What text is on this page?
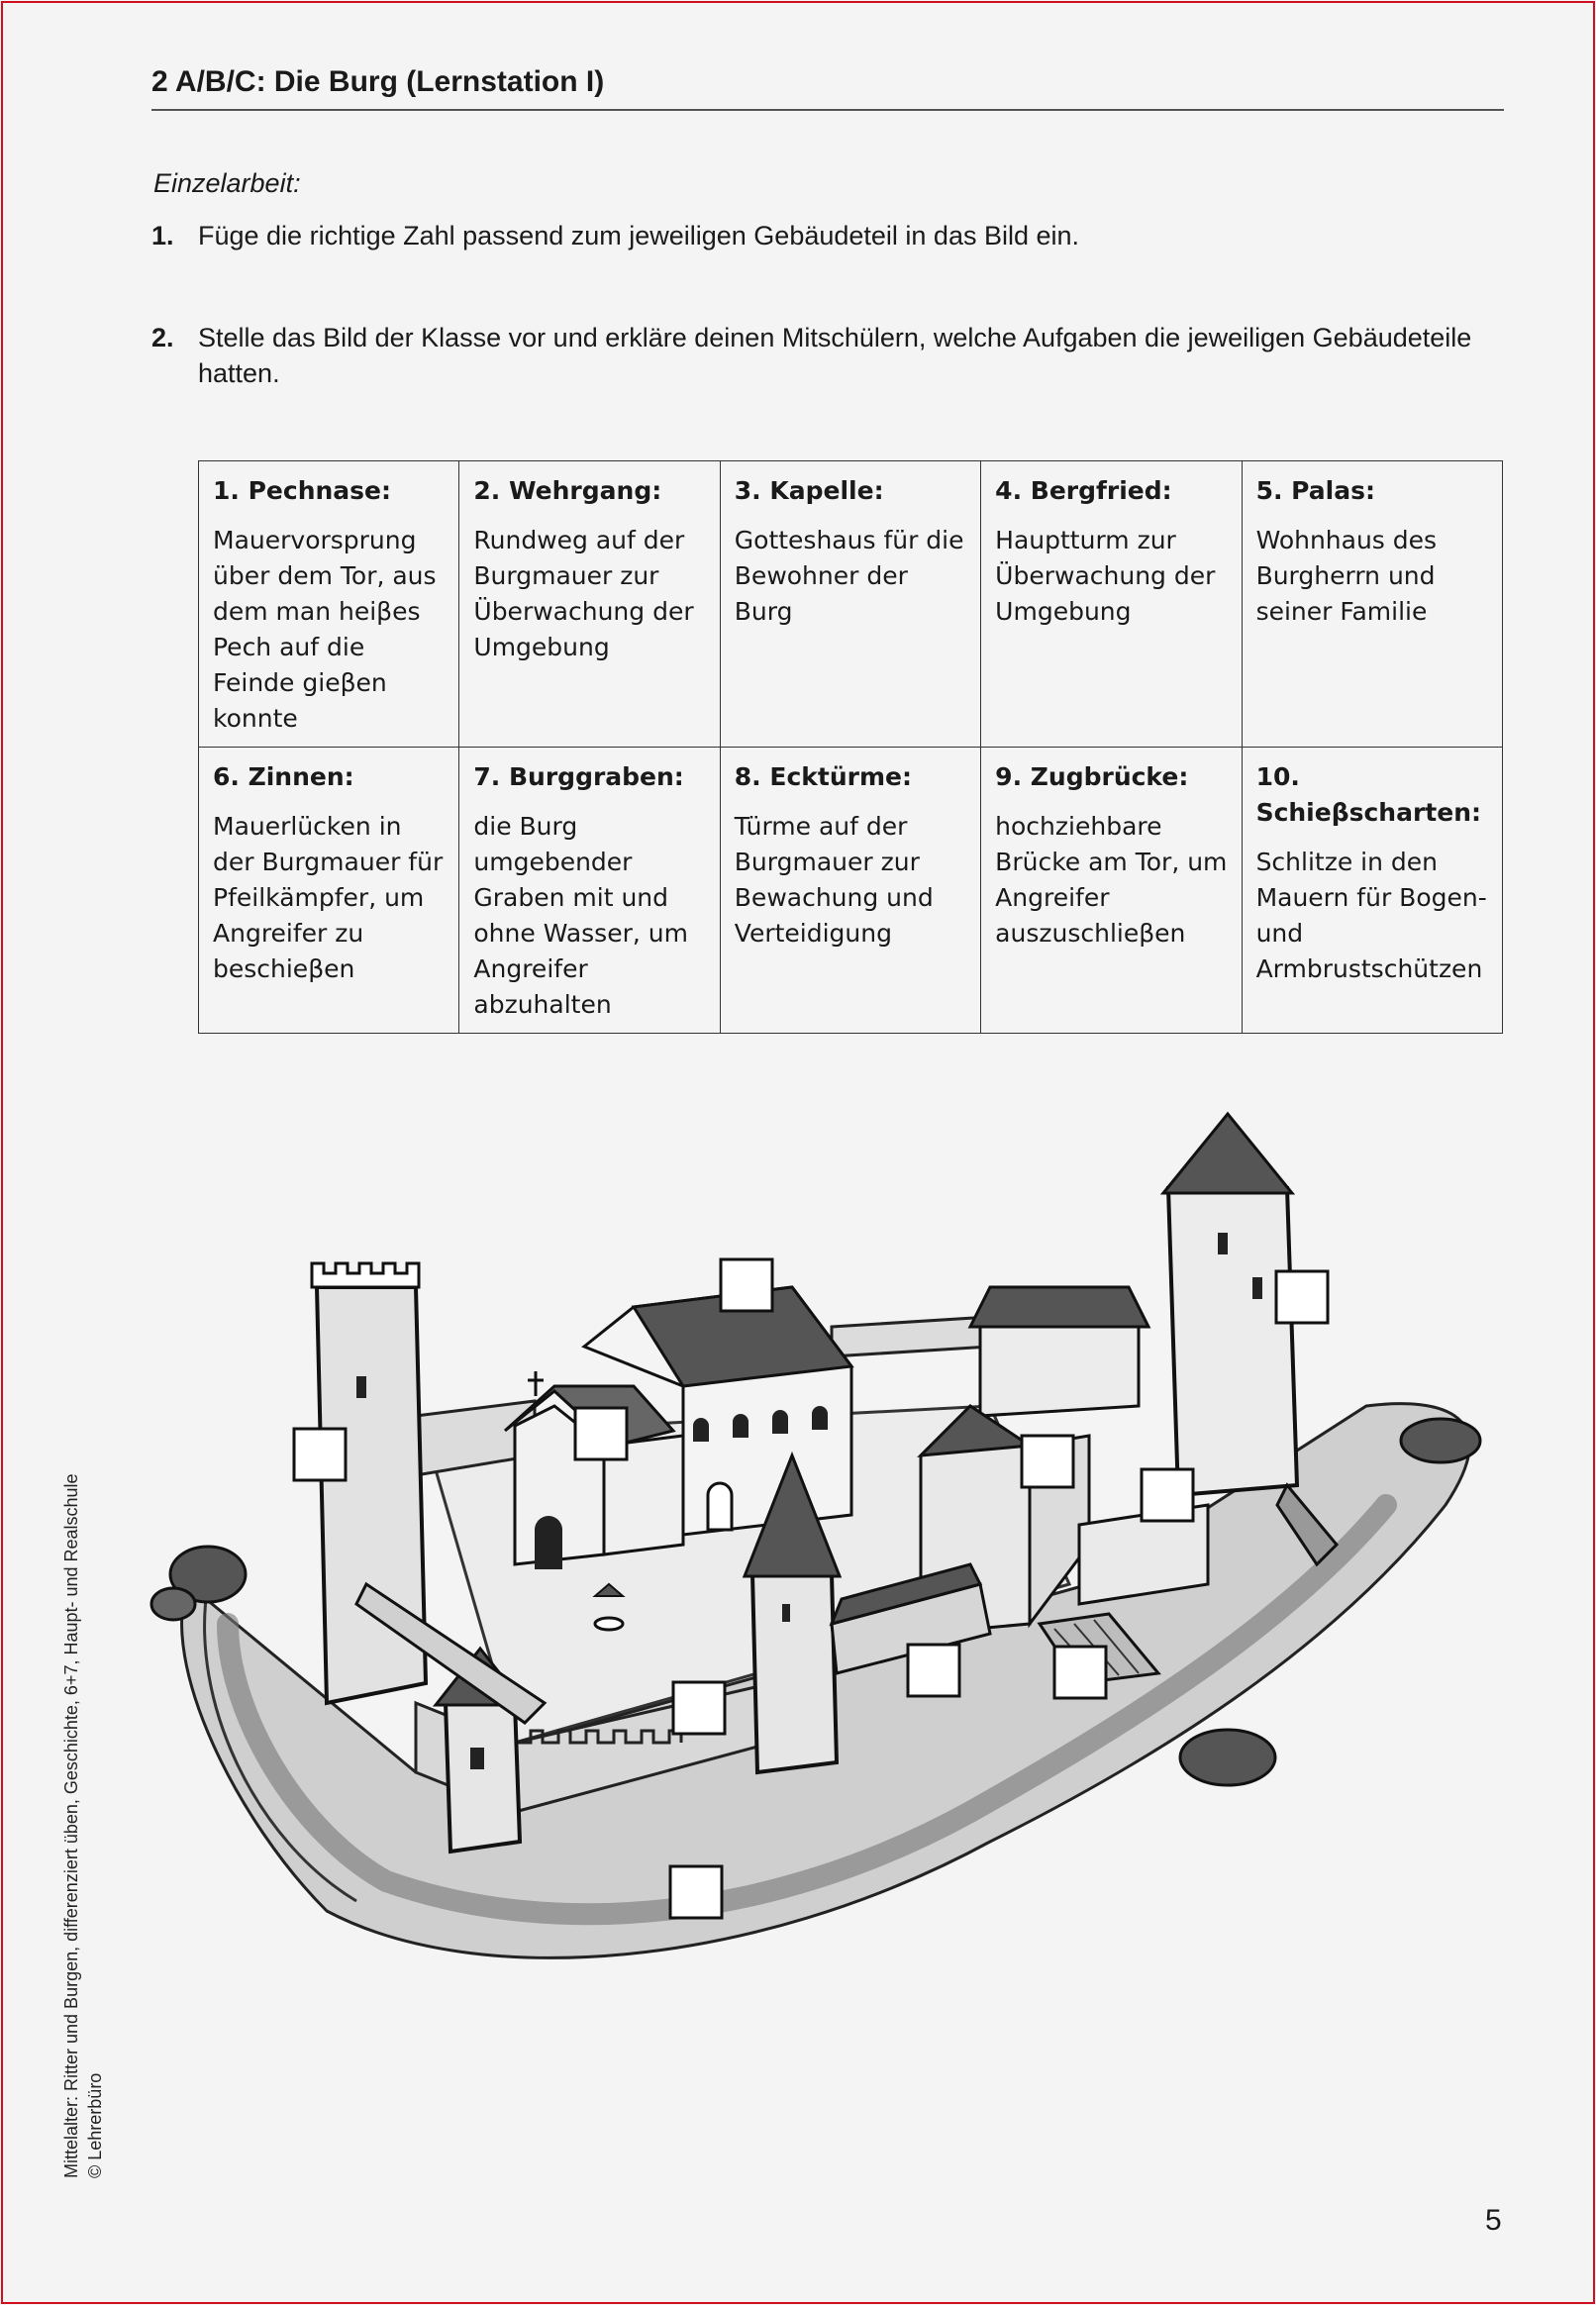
2 A/B/C: Die Burg (Lernstation I)
Einzelarbeit:
1. Füge die richtige Zahl passend zum jeweiligen Gebäudeteil in das Bild ein.
2. Stelle das Bild der Klasse vor und erkläre deinen Mitschülern, welche Aufgaben die jeweiligen Gebäudeteile hatten.
1. Pechnase:
Mauervorsprung über dem Tor, aus dem man heiβes Pech auf die Feinde gieβen konnte	2. Wehrgang:
Rundweg auf der Burgmauer zur Überwachung der Umgebung	3. Kapelle:
Gotteshaus für die Bewohner der Burg	4. Bergfried:
Hauptturm zur Überwachung der Umgebung	5. Palas:
Wohnhaus des Burgherrn und seiner Familie

6. Zinnen:
Mauerlücken in der Burgmauer für Pfeilkämpfer, um Angreifer zu beschieβen	7. Burggraben:
die Burg umgebender Graben mit und ohne Wasser, um Angreifer abzuhalten	8. Ecktürme:
Türme auf der Burgmauer zur Bewachung und Verteidigung	9. Zugbrücke:
hochziehbare Brücke am Tor, um Angreifer auszuschlieβen	10. Schieβscharten:
Schlitze in den Mauern für Bogen- und Armbrustschützen
Mittelalter: Ritter und Burgen, differenziert üben, Geschichte, 6+7, Haupt- und Realschule © Lehrerbüro
5
